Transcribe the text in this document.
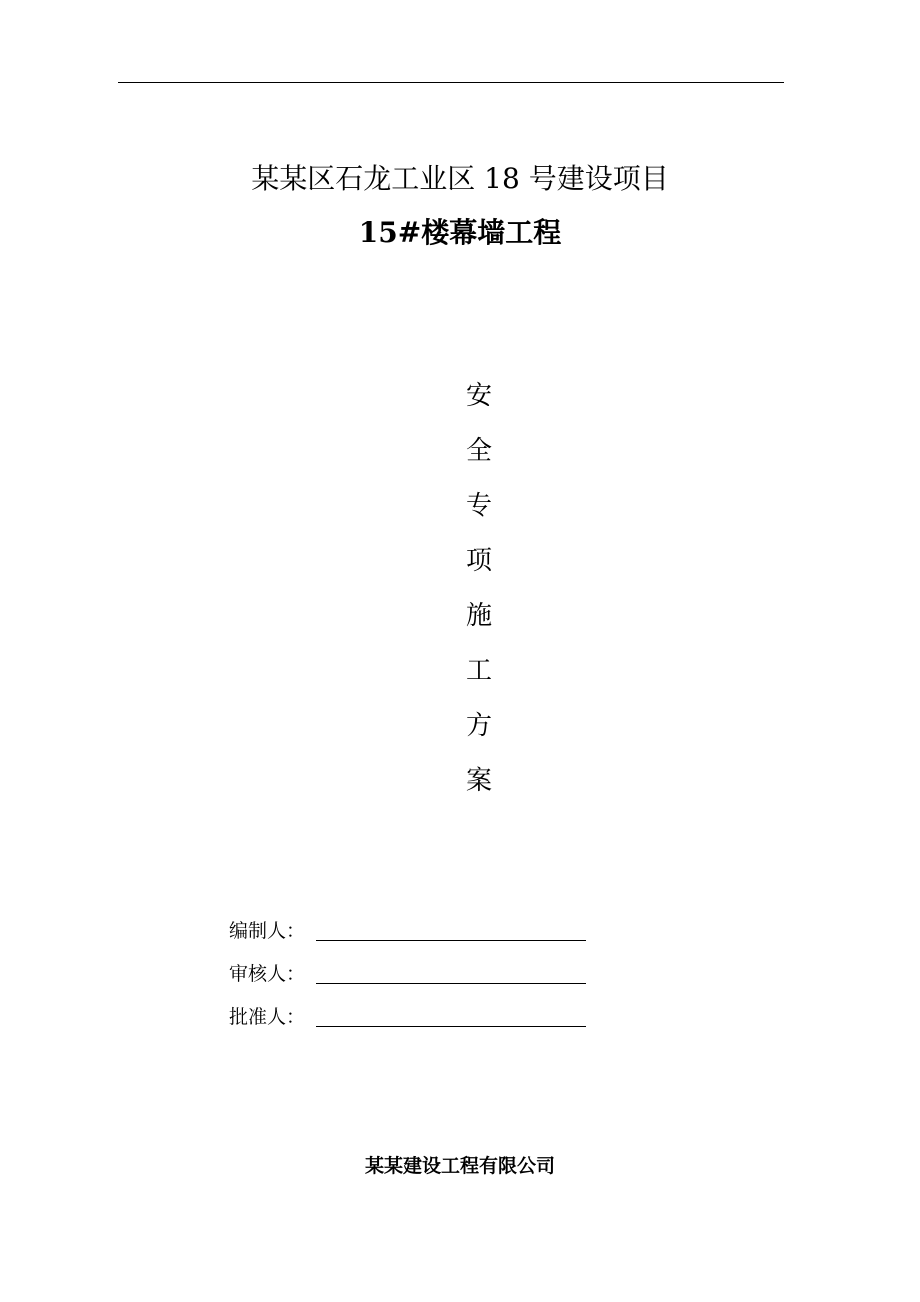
某某区石龙工业区 18 号建设项目
15#楼幕墙工程
安
全
专
项
施
工
方
案
编制人：
审核人：
批准人：
某某建设工程有限公司
